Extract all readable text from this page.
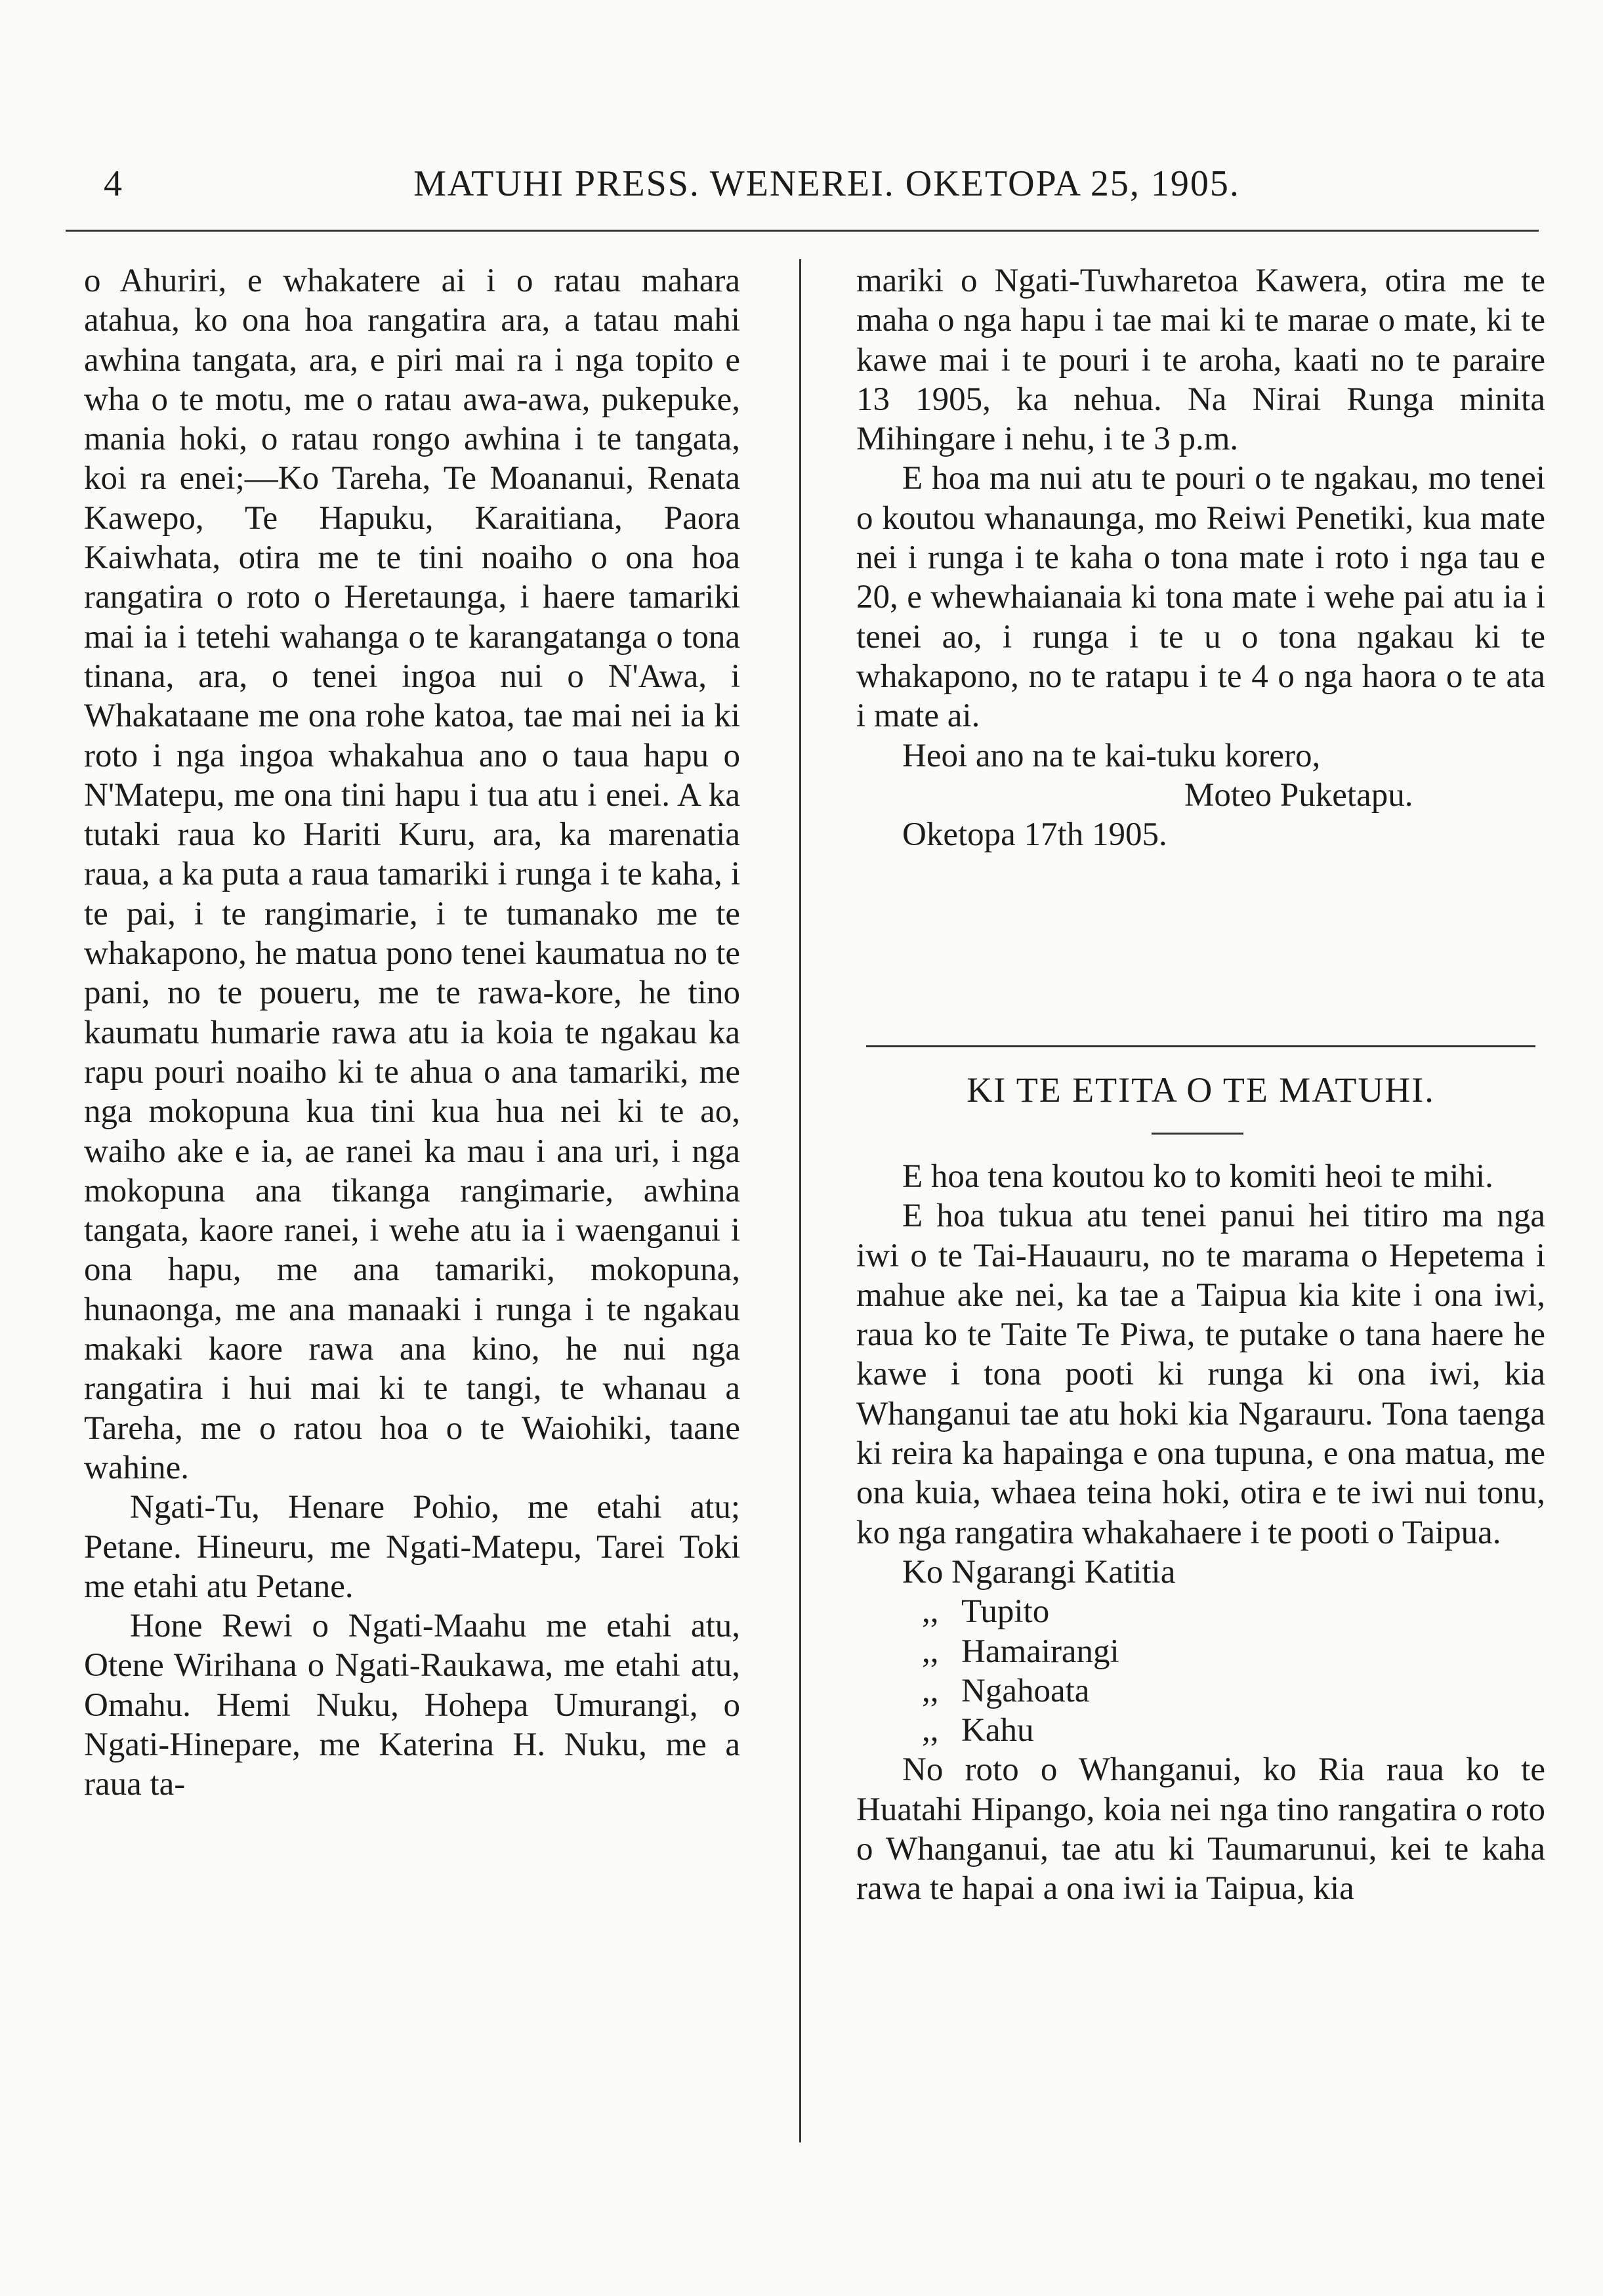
4	MATUHI PRESS. WENEREI. OKETOPA 25, 1905.

o Ahuriri, e whakatere ai i o ratau mahara atahua, ko ona hoa rangatira ara, a tatau mahi awhina tangata, ara, e piri mai ra i nga topito e wha o te motu, me o ratau awa-awa, pukepuke, mania hoki, o ratau rongo awhina i te tangata, koi ra enei;—Ko Tareha, Te Moananui, Renata Kawepo, Te Hapuku, Karaitiana, Paora Kaiwhata, otira me te tini noaiho o ona hoa rangatira o roto o Heretaunga, i haere tamariki mai ia i tetehi wahanga o te karangatanga o tona tinana, ara, o tenei ingoa nui o N'Awa, i Whakataane me ona rohe katoa, tae mai nei ia ki roto i nga ingoa whakahua ano o taua hapu o N'Matepu, me ona tini hapu i tua atu i enei. A ka tutaki raua ko Hariti Kuru, ara, ka marenatia raua, a ka puta a raua tamariki i runga i te kaha, i te pai, i te rangimarie, i te tumanako me te whakapono, he matua pono tenei kaumatua no te pani, no te poueru, me te rawa-kore, he tino kaumatu humarie rawa atu ia koia te ngakau ka rapu pouri noaiho ki te ahua o ana tamariki, me nga mokopuna kua tini kua hua nei ki te ao, waiho ake e ia, ae ranei ka mau i ana uri, i nga mokopuna ana tikanga rangimarie, awhina tangata, kaore ranei, i wehe atu ia i waenganui i ona hapu, me ana tamariki, mokopuna, hunaonga, me ana manaaki i runga i te ngakau makaki kaore rawa ana kino, he nui nga rangatira i hui mai ki te tangi, te whanau a Tareha, me o ratou hoa o te Waiohiki, taane wahine.

Ngati-Tu, Henare Pohio, me etahi atu; Petane. Hineuru, me Ngati-Matepu, Tarei Toki me etahi atu Petane.

Hone Rewi o Ngati-Maahu me etahi atu, Otene Wirihana o Ngati-Raukawa, me etahi atu, Omahu. Hemi Nuku, Hohepa Umurangi, o Ngati-Hinepare, me Katerina H. Nuku, me a raua ta-

mariki o Ngati-Tuwharetoa Kawera, otira me te maha o nga hapu i tae mai ki te marae o mate, ki te kawe mai i te pouri i te aroha, kaati no te paraire 13 1905, ka nehua. Na Nirai Runga minita Mihingare i nehu, i te 3 p.m.

E hoa ma nui atu te pouri o te ngakau, mo tenei o koutou whanaunga, mo Reiwi Penetiki, kua mate nei i runga i te kaha o tona mate i roto i nga tau e 20, e whewhaianaia ki tona mate i wehe pai atu ia i tenei ao, i runga i te u o tona ngakau ki te whakapono, no te ratapu i te 4 o nga haora o te ata i mate ai.

Heoi ano na te kai-tuku korero,

Moteo Puketapu.

Oketopa 17th 1905.

KI TE ETITA O TE MATUHI.

E hoa tena koutou ko to komiti heoi te mihi.

E hoa tukua atu tenei panui hei titiro ma nga iwi o te Tai-Hauauru, no te marama o Hepetema i mahue ake nei, ka tae a Taipua kia kite i ona iwi, raua ko te Taite Te Piwa, te putake o tana haere he kawe i tona pooti ki runga ki ona iwi, kia Whanganui tae atu hoki kia Ngarauru. Tona taenga ki reira ka hapainga e ona tupuna, e ona matua, me ona kuia, whaea teina hoki, otira e te iwi nui tonu, ko nga rangatira whakahaere i te pooti o Taipua.

Ko Ngarangi Katitia

,, Tupito

,, Hamairangi

,, Ngahoata

,, Kahu

No roto o Whanganui, ko Ria raua ko te Huatahi Hipango, koia nei nga tino rangatira o roto o Whanganui, tae atu ki Taumarunui, kei te kaha rawa te hapai a ona iwi ia Taipua, kia
